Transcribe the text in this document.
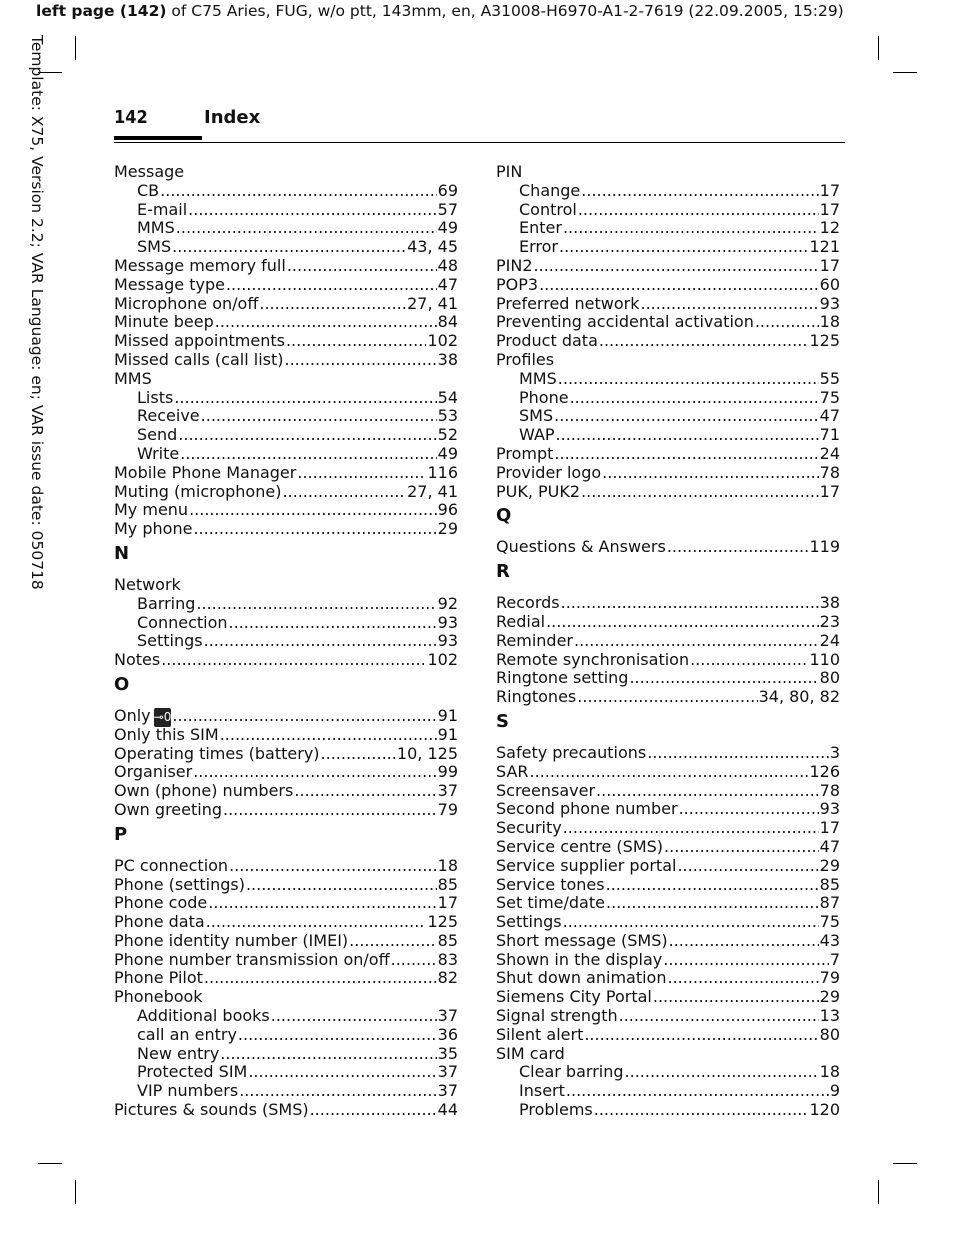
left page (142) of C75 Aries, FUG, w/o ptt, 143mm, en, A31008-H6970-A1-2-7619 (22.09.2005, 15:29)
Template: X75, Version 2.2; VAR Language: en; VAR issue date: 050718	142	Index
Message
CB .....	69
E-mail .....	57
MMS .....	49
SMS .....	43, 45
Message memory full .....	48
Message type .....	47
Microphone on/off .....	27, 41
Minute beep .....	84
Missed appointments .....	102
Missed calls (call list) .....	38
MMS
Lists .....	54
Receive .....	53
Send .....	52
Write .....	49
Mobile Phone Manager .....	116
Muting (microphone) .....	27, 41
My menu .....	96
My phone .....	29
N
Network
Barring .....	92
Connection .....	93
Settings .....	93
Notes .....	102
O
Only ⊸0 .....	91
Only this SIM .....	91
Operating times (battery) .....	10, 125
Organiser .....	99
Own (phone) numbers .....	37
Own greeting .....	79
P
PC connection .....	18
Phone (settings) .....	85
Phone code .....	17
Phone data .....	125
Phone identity number (IMEI) .....	85
Phone number transmission on/off .....	83
Phone Pilot .....	82
Phonebook
Additional books .....	37
call an entry .....	36
New entry .....	35
Protected SIM .....	37
VIP numbers .....	37
Pictures & sounds (SMS) .....	44
PIN
Change .....	17
Control .....	17
Enter .....	12
Error .....	121
PIN2 .....	17
POP3 .....	60
Preferred network .....	93
Preventing accidental activation .....	18
Product data .....	125
Profiles
MMS .....	55
Phone .....	75
SMS .....	47
WAP .....	71
Prompt .....	24
Provider logo .....	78
PUK, PUK2 .....	17
Q
Questions & Answers .....	119
R
Records .....	38
Redial .....	23
Reminder .....	24
Remote synchronisation .....	110
Ringtone setting .....	80
Ringtones .....	34, 80, 82
S
Safety precautions .....	3
SAR .....	126
Screensaver .....	78
Second phone number .....	93
Security .....	17
Service centre (SMS) .....	47
Service supplier portal .....	29
Service tones .....	85
Set time/date .....	87
Settings .....	75
Short message (SMS) .....	43
Shown in the display .....	7
Shut down animation .....	79
Siemens City Portal .....	29
Signal strength .....	13
Silent alert .....	80
SIM card
Clear barring .....	18
Insert .....	9
Problems .....	120
